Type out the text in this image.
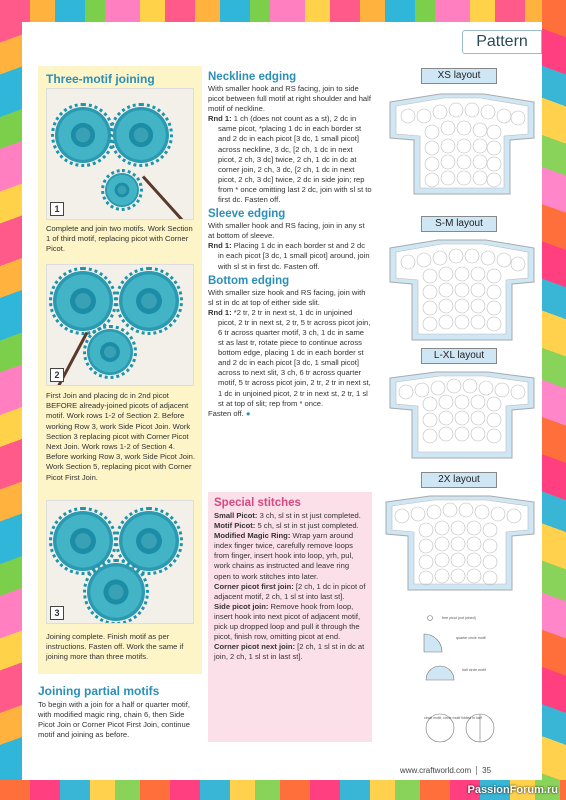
Pattern
Three-motif joining
1
Complete and join two motifs. Work Section 1 of third motif, replacing picot with Corner Picot.
2
First Join and placing dc in 2nd picot BEFORE already-joined picots of adjacent motif. Work rows 1-2 of Section 2. Before working Row 3, work Side Picot Join. Work Section 3 replacing picot with Corner Picot Next Join. Work rows 1-2 of Section 4. Before working Row 3, work Side Picot Join. Work Section 5, replacing picot with Corner Picot First Join.
3
Joining complete. Finish motif as per instructions. Fasten off. Work the same if joining more than three motifs.
Joining partial motifs

To begin with a join for a half or quarter motif, with modified magic ring, chain 6, then Side Picot Join or Corner Picot First Join, continue motif and joining as before.

Neckline edging

With smaller hook and RS facing, join to side picot between full motif at right shoulder and half motif of neckline.

Rnd 1: 1 ch (does not count as a st), 2 dc in same picot, *placing 1 dc in each border st and 2 dc in each picot [3 dc, 1 small picot] across neckline, 3 dc, [2 ch, 1 dc in next picot, 2 ch, 3 dc] twice, 2 ch, 1 dc in dc at corner join, 2 ch, 3 dc, [2 ch, 1 dc in next picot, 2 ch, 3 dc] twice, 2 dc in side join; rep from * once omitting last 2 dc, join with sl st to first dc. Fasten off.

Sleeve edging

With smaller hook and RS facing, join in any st at bottom of sleeve.

Rnd 1: Placing 1 dc in each border st and 2 dc in each picot [3 dc, 1 small picot] around, join with sl st in first dc. Fasten off.

Bottom edging

With smaller size hook and RS facing, join with sl st in dc at top of either side slit.

Rnd 1: *2 tr, 2 tr in next st, 1 dc in unjoined picot, 2 tr in next st, 2 tr, 5 tr across picot join, 6 tr across quarter motif, 3 ch, 1 dc in same st as last tr, rotate piece to continue across bottom edge, placing 1 dc in each border st and 2 dc in each picot [3 dc, 1 small picot] across to next slit, 3 ch, 6 tr across quarter motif, 5 tr across picot join, 2 tr, 2 tr in next st, 1 dc in unjoined picot, 2 tr in next st, 2 tr, 1 sl st at top of slit; rep from * once.

Fasten off. ●

Special stitches

Small Picot: 3 ch, sl st in st just completed.

Motif Picot: 5 ch, sl st in st just completed.

Modified Magic Ring: Wrap yarn around index finger twice, carefully remove loops from finger, insert hook into loop, yrh, pul, work chains as instructed and leave ring open to work stitches into later.

Corner picot first join: [2 ch, 1 dc in picot of adjacent motif, 2 ch, 1 sl st into last st].

Side picot join: Remove hook from loop, insert hook into next picot of adjacent motif, pick up dropped loop and pull it through the picot, finish row, omitting picot at end.

Corner picot next join: [2 ch, 1 sl st in dc at join, 2 ch, 1 sl st in last st].

XS layout
S-M layout
L-XL layout
2X layout
free picot (not joined)
quarter circle motif
half circle motif
circle motif, circle motif folded in half
www.craftworld.com	35
PassionForum.ru
